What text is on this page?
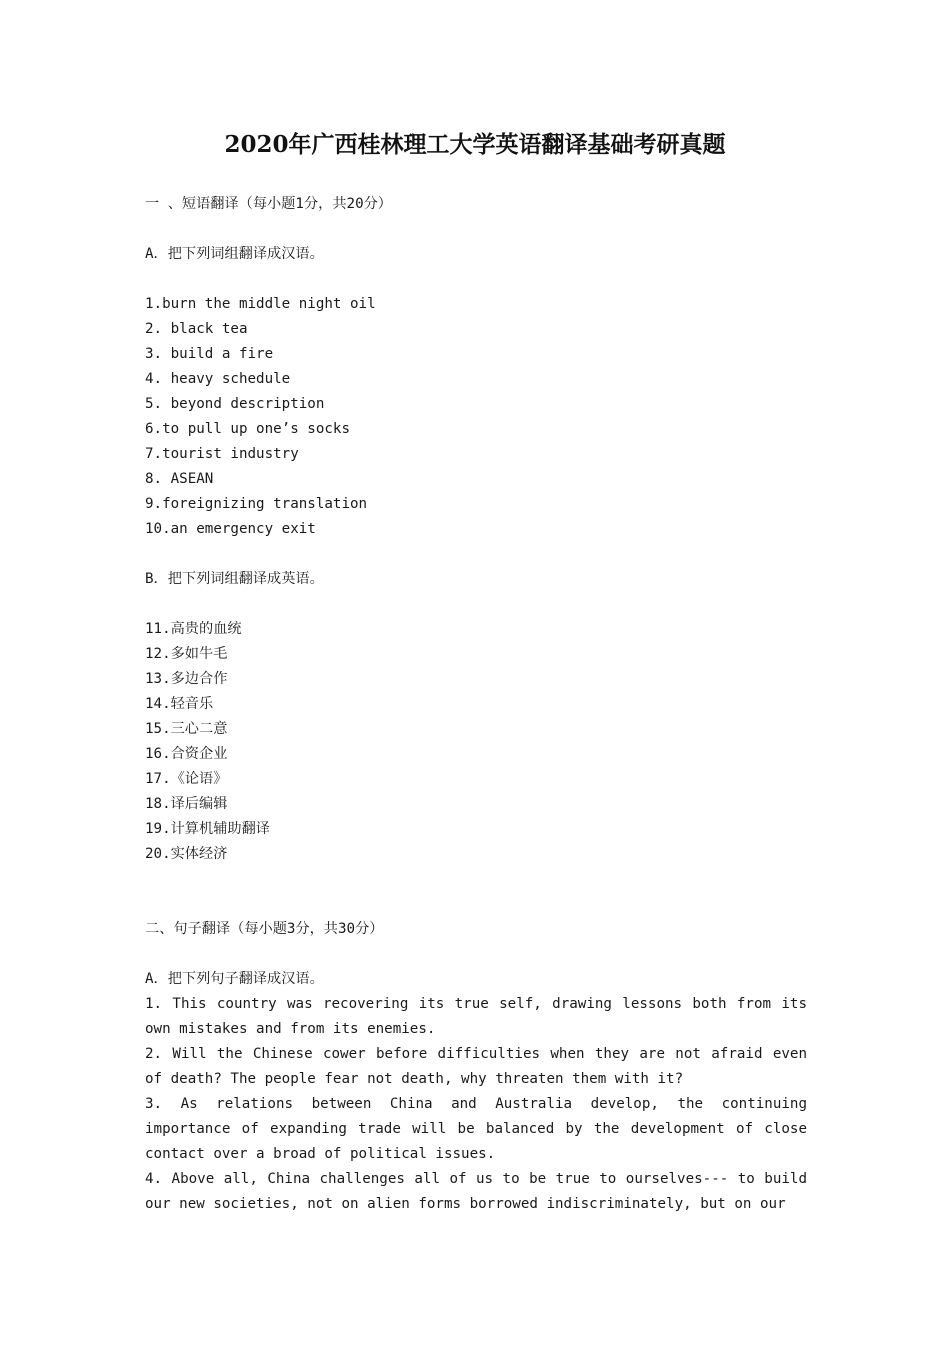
2020年广西桂林理工大学英语翻译基础考研真题
一 、短语翻译（每小题1分，共20分）
A．把下列词组翻译成汉语。
1.burn the middle night oil
2. black tea
3. build a fire
4. heavy schedule
5. beyond description
6.to pull up one’s socks
7.tourist industry
8. ASEAN
9.foreignizing translation
10.an emergency exit
B．把下列词组翻译成英语。
11.高贵的血统
12.多如牛毛
13.多边合作
14.轻音乐
15.三心二意
16.合资企业
17.《论语》
18.译后编辑
19.计算机辅助翻译
20.实体经济
二、句子翻译（每小题3分，共30分）
A．把下列句子翻译成汉语。
1. This country was recovering its true self, drawing lessons both from its own mistakes and from its enemies.
2. Will the Chinese cower before difficulties when they are not afraid even of death? The people fear not death, why threaten them with it?
3. As relations between China and Australia develop, the continuing importance of expanding trade will be balanced by the development of close contact over a broad of political issues.
4. Above all, China challenges all of us to be true to ourselves--- to build our new societies, not on alien forms borrowed indiscriminately, but on our
